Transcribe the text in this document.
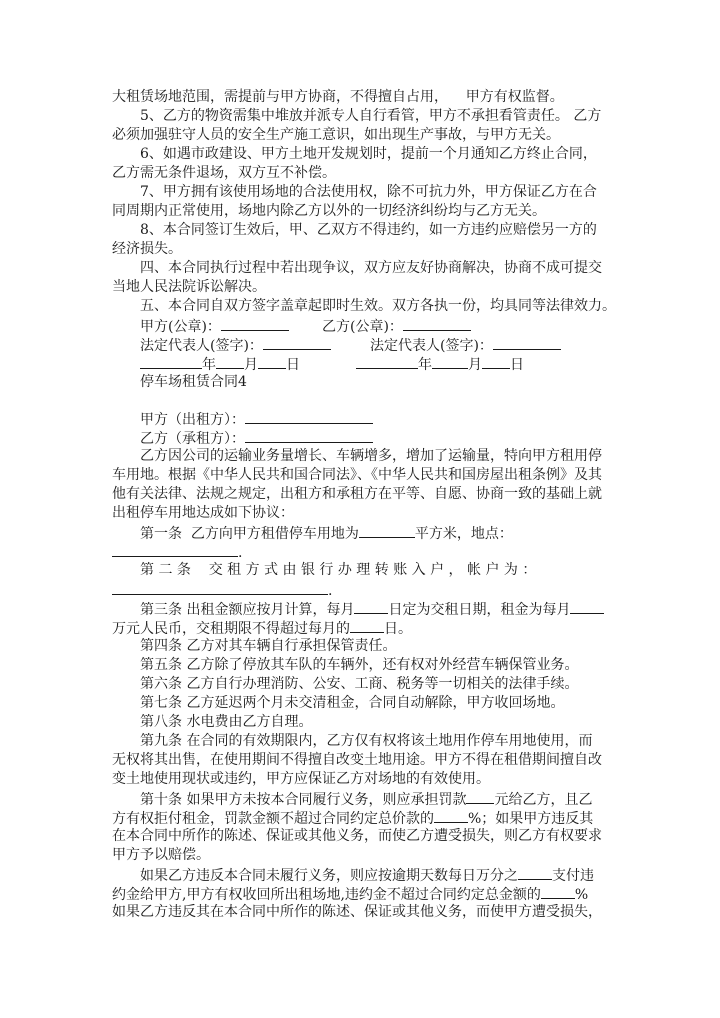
大租赁场地范围，需提前与甲方协商，不得擅自占用，    甲方有权监督。
5、乙方的物资需集中堆放并派专人自行看管，甲方不承担看管责任。 乙方
必须加强驻守人员的安全生产施工意识，如出现生产事故，与甲方无关。
6、如遇市政建设、甲方土地开发规划时，提前一个月通知乙方终止合同，
乙方需无条件退场，双方互不补偿。
7、甲方拥有该使用场地的合法使用权，除不可抗力外，甲方保证乙方在合
同周期内正常使用，场地内除乙方以外的一切经济纠纷均与乙方无关。
8、本合同签订生效后，甲、乙双方不得违约，如一方违约应赔偿另一方的
经济损失。
四、本合同执行过程中若出现争议，双方应友好协商解决，协商不成可提交
当地人民法院诉讼解决。
五、本合同自双方签字盖章起即时生效。双方各执一份，均具同等法律效力。
甲方(公章)：	乙方(公章)：
法定代表人(签字)：	法定代表人(签字)：
年 月 日	年	月 日
停车场租赁合同4
甲方（出租方）：
乙方（承租方）：
乙方因公司的运输业务量增长、车辆增多，增加了运输量，特向甲方租用停
车用地。根据《中华人民共和国合同法》、《中华人民共和国房屋出租条例》及其
他有关法律、法规之规定，出租方和承租方在平等、自愿、协商一致的基础上就
出租停车用地达成如下协议：
第一条  乙方向甲方租借停车用地为	平方米，地点：
.
第 二 条    交 租 方 式 由 银 行 办 理 转 账 入 户 ， 帐 户 为 ：
.
第三条 出租金额应按月计算，每月 日定为交租日期，租金为每月
万元人民币，交租期限不得超过每月的 日。
第四条 乙方对其车辆自行承担保管责任。
第五条 乙方除了停放其车队的车辆外，还有权对外经营车辆保管业务。
第六条 乙方自行办理消防、公安、工商、税务等一切相关的法律手续。
第七条 乙方延迟两个月未交清租金，合同自动解除，甲方收回场地。
第八条 水电费由乙方自理。
第九条 在合同的有效期限内，乙方仅有权将该土地用作停车用地使用，而
无权将其出售，在使用期间不得擅自改变土地用途。甲方不得在租借期间擅自改
变土地使用现状或违约，甲方应保证乙方对场地的有效使用。
第十条 如果甲方未按本合同履行义务，则应承担罚款 元给乙方，且乙
方有权拒付租金，罚款金额不超过合同约定总价款的 %；如果甲方违反其
在本合同中所作的陈述、保证或其他义务，而使乙方遭受损失，则乙方有权要求
甲方予以赔偿。
如果乙方违反本合同未履行义务，则应按逾期天数每日万分之 支付违
约金给甲方,甲方有权收回所出租场地,违约金不超过合同约定总金额的 %
如果乙方违反其在本合同中所作的陈述、保证或其他义务，而使甲方遭受损失，
